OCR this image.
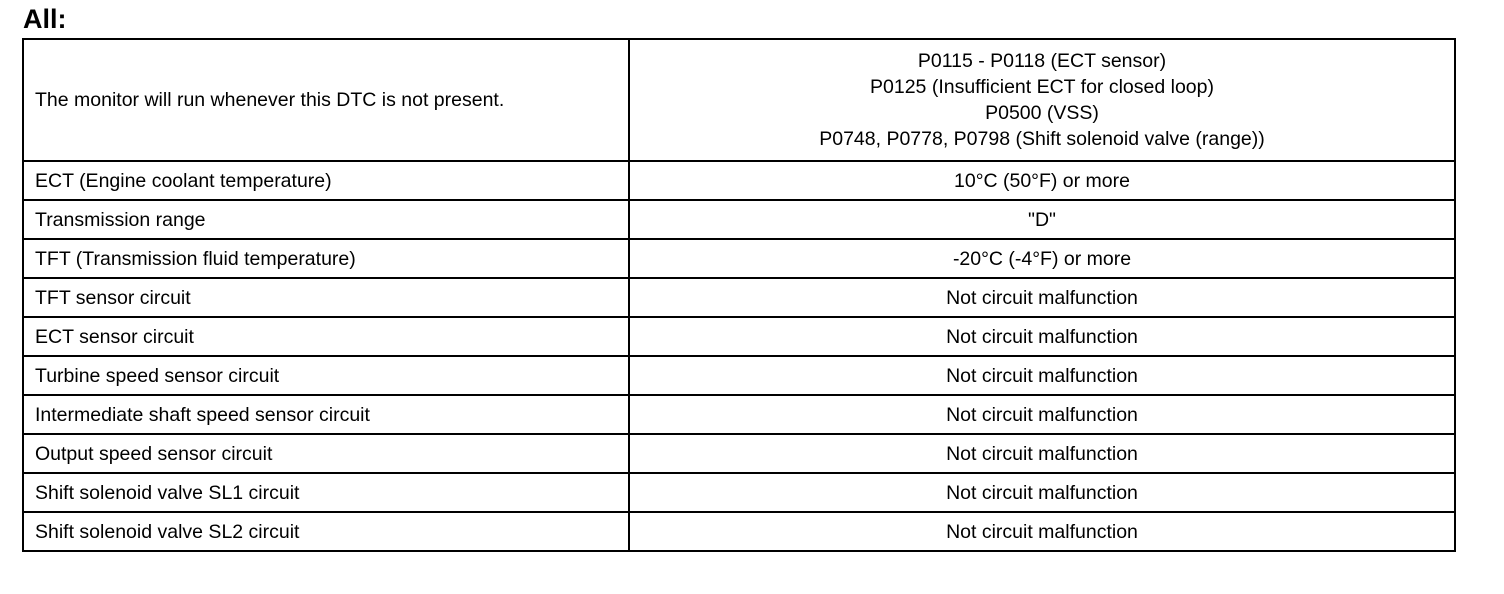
All:
The monitor will run whenever this DTC is not present.	P0115 - P0118 (ECT sensor)
P0125 (Insufficient ECT for closed loop)
P0500 (VSS)
P0748, P0778, P0798 (Shift solenoid valve (range))

ECT (Engine coolant temperature)	10°C (50°F) or more
Transmission range	"D"
TFT (Transmission fluid temperature)	-20°C (-4°F) or more
TFT sensor circuit	Not circuit malfunction
ECT sensor circuit	Not circuit malfunction
Turbine speed sensor circuit	Not circuit malfunction
Intermediate shaft speed sensor circuit	Not circuit malfunction
Output speed sensor circuit	Not circuit malfunction
Shift solenoid valve SL1 circuit	Not circuit malfunction
Shift solenoid valve SL2 circuit	Not circuit malfunction
